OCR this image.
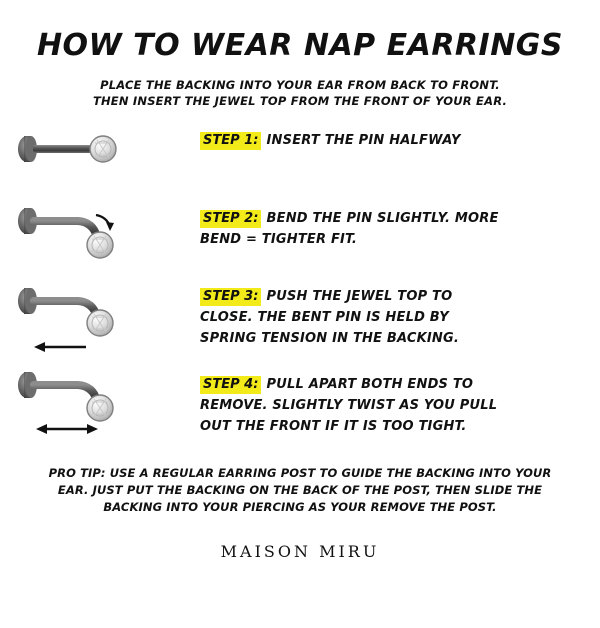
HOW TO WEAR NAP EARRINGS
PLACE THE BACKING INTO YOUR EAR FROM BACK TO FRONT.
THEN INSERT THE JEWEL TOP FROM THE FRONT OF YOUR EAR.
STEP 1: INSERT THE PIN HALFWAY
STEP 2: BEND THE PIN SLIGHTLY. MORE BEND = TIGHTER FIT.
STEP 3: PUSH THE JEWEL TOP TO CLOSE. THE BENT PIN IS HELD BY SPRING TENSION IN THE BACKING.
STEP 4: PULL APART BOTH ENDS TO REMOVE. SLIGHTLY TWIST AS YOU PULL OUT THE FRONT IF IT IS TOO TIGHT.
PRO TIP: USE A REGULAR EARRING POST TO GUIDE THE BACKING INTO YOUR EAR. JUST PUT THE BACKING ON THE BACK OF THE POST, THEN SLIDE THE BACKING INTO YOUR PIERCING AS YOUR REMOVE THE POST.
MAISON MIRU
